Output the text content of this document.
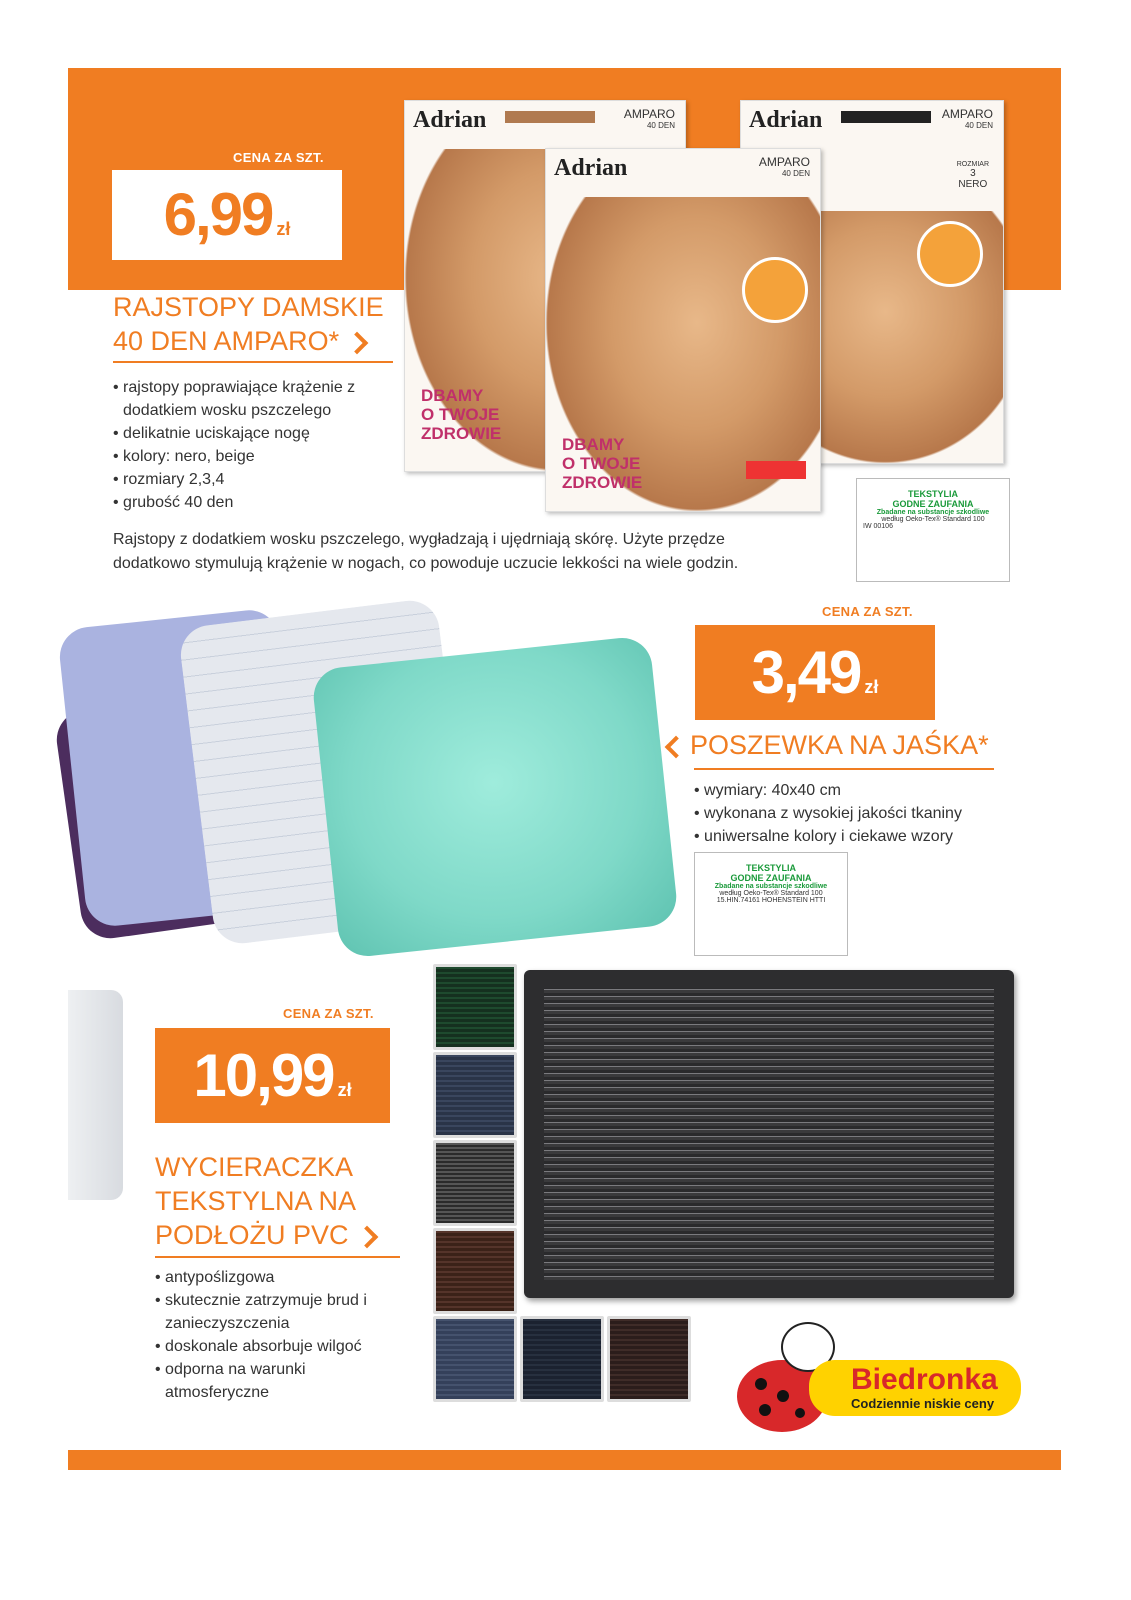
CENA ZA SZT.
6,99 zł
RAJSTOPY DAMSKIE
40 DEN AMPARO*
• rajstopy poprawiające krążenie z dodatkiem wosku pszczelego
• delikatnie uciskające nogę
• kolory: nero, beige
• rozmiary 2,3,4
• grubość 40 den
Rajstopy z dodatkiem wosku pszczelego, wygładzają i ujędrniają skórę. Użyte przędze
dodatkowo stymulują krążenie w nogach, co powoduje uczucie lekkości na wiele godzin.
Adrian	AMPARO
40 DEN
DBAMY
O TWOJE
ZDROWIE
Adrian	AMPARO
40 DEN
ROZMIAR
3
NERO
Adrian	AMPARO
40 DEN
DBAMY
O TWOJE
ZDROWIE
TEKSTYLIA
GODNE ZAUFANIA
Zbadane na substancje szkodliwe
według Oeko-Tex® Standard 100
IW 00106
CENA ZA SZT.
3,49 zł
POSZEWKA NA JAŚKA*
• wymiary: 40x40 cm
• wykonana z wysokiej jakości tkaniny
• uniwersalne kolory i ciekawe wzory
TEKSTYLIA
GODNE ZAUFANIA
Zbadane na substancje szkodliwe
według Oeko-Tex® Standard 100
15.HIN.74161 HOHENSTEIN HTTI
CENA ZA SZT.
10,99 zł
WYCIERACZKA
TEKSTYLNA NA
PODŁOŻU PVC
• antypoślizgowa
• skutecznie zatrzymuje brud i zanieczyszczenia
• doskonale absorbuje wilgoć
• odporna na warunki atmosferyczne	Biedronka
Codziennie niskie ceny
